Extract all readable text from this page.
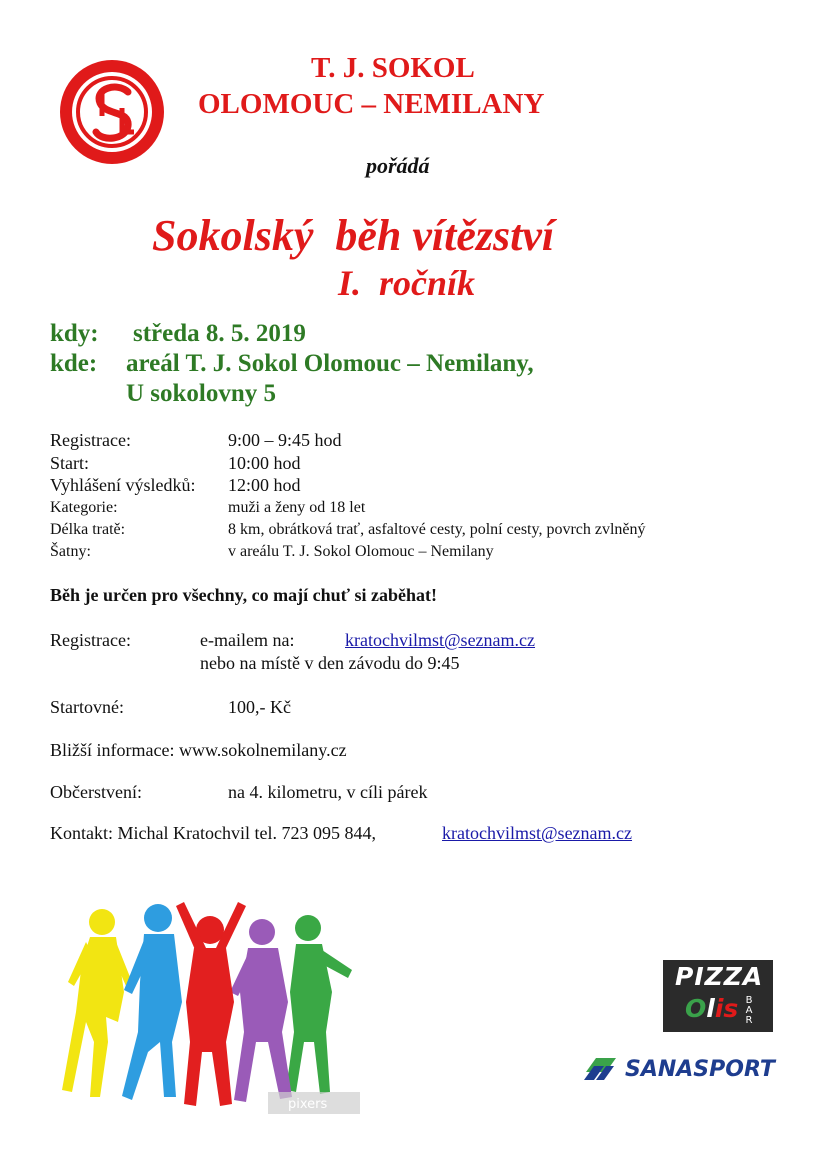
T. J. SOKOL
OLOMOUC – NEMILANY
pořádá
Sokolský  běh vítězství
I.  ročník
kdy: středa 8. 5. 2019
kde: areál T. J. Sokol Olomouc – Nemilany,
U sokolovny 5
Registrace:	9:00 – 9:45 hod
Start:	10:00 hod
Vyhlášení výsledků: 12:00 hod
Kategorie:	muži a ženy od 18 let
Délka tratě:	8 km, obrátková trať, asfaltové cesty, polní cesty, povrch zvlněný
Šatny:	v areálu T. J. Sokol Olomouc – Nemilany
Běh je určen pro všechny, co mají chuť si zaběhat!
Registrace:	e-mailem na:	kratochvilmst@seznam.cz
nebo na místě v den závodu do 9:45
Startovné:	100,- Kč
Bližší informace: www.sokolnemilany.cz
Občerstvení:	na 4. kilometru, v cíli párek
Kontakt: Michal Kratochvil tel. 723 095 844,	kratochvilmst@seznam.cz
pixers
PIZZA
Olis B
A
R
SANASPORT
